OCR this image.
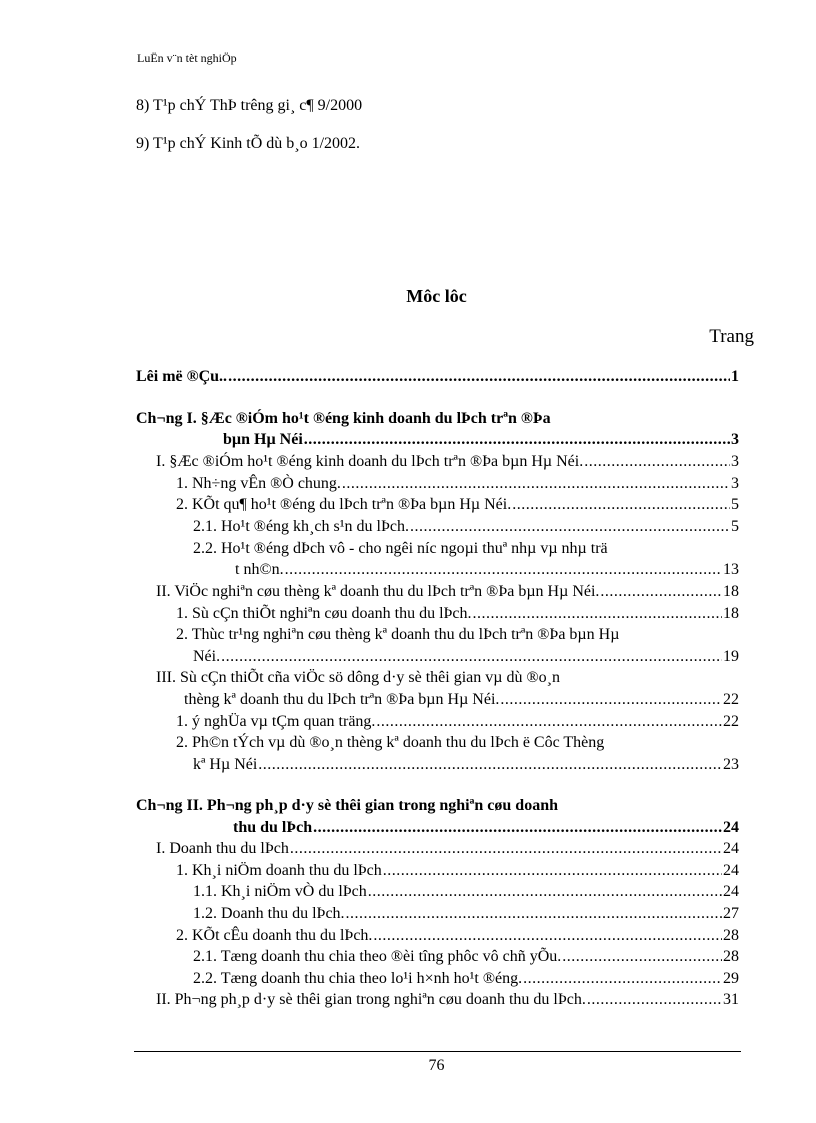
LuËn v¨n tèt nghiÖp
8) T¹p chÝ ThÞ trêng gi¸ c¶ 9/2000
9) T¹p chÝ Kinh tÕ dù b¸o 1/2002.
Môc lôc
Trang
Lêi më ®Çu.. .....	1
Ch¬ng I. §Æc ®iÓm ho¹t ®éng kinh doanh du lÞch trªn ®Þa
bµn Hµ Néi .....	3
I. §Æc ®iÓm ho¹t ®éng kinh doanh du lÞch trªn ®Þa bµn Hµ Néi. .....	3
1. Nh÷ng vÊn ®Ò chung. .....	3
2. KÕt qu¶ ho¹t ®éng du lÞch trªn ®Þa bµn Hµ Néi. .....	5
2.1. Ho¹t ®éng kh¸ch s¹n du lÞch. .....	5
2.2. Ho¹t ®éng dÞch vô - cho ngêi níc ngoµi thuª nhµ vµ nhµ trä
t nh©n. .....	13
II. ViÖc nghiªn cøu thèng kª doanh thu du lÞch trªn ®Þa bµn Hµ Néi. .....	18
1. Sù cÇn thiÕt nghiªn cøu doanh thu du lÞch. .....	18
2. Thùc tr¹ng nghiªn cøu thèng kª doanh thu du lÞch trªn ®Þa bµn Hµ
Néi. .....	19
III. Sù cÇn thiÕt cña viÖc sö dông d·y sè thêi gian vµ dù ®o¸n
thèng kª doanh thu du lÞch trªn ®Þa bµn Hµ Néi. .....	22
1. ý nghÜa vµ tÇm quan träng. .....	22
2. Ph©n tÝch vµ dù ®o¸n thèng kª doanh thu du lÞch ë Côc Thèng
kª Hµ Néi .....	23
Ch¬ng II. Ph¬ng ph¸p d·y sè thêi gian trong nghiªn cøu doanh
thu du lÞch .....	24
I. Doanh thu du lÞch .....	24
1. Kh¸i niÖm doanh thu du lÞch .....	24
1.1. Kh¸i niÖm vÒ du lÞch .....	24
1.2. Doanh thu du lÞch. .....	27
2. KÕt cÊu doanh thu du lÞch. .....	28
2.1. Tæng doanh thu chia theo ®èi tîng phôc vô chñ yÕu. .....	28
2.2. Tæng doanh thu chia theo lo¹i h×nh ho¹t ®éng. .....	29
II. Ph¬ng ph¸p d·y sè thêi gian trong nghiªn cøu doanh thu du lÞch. .....	31
76
